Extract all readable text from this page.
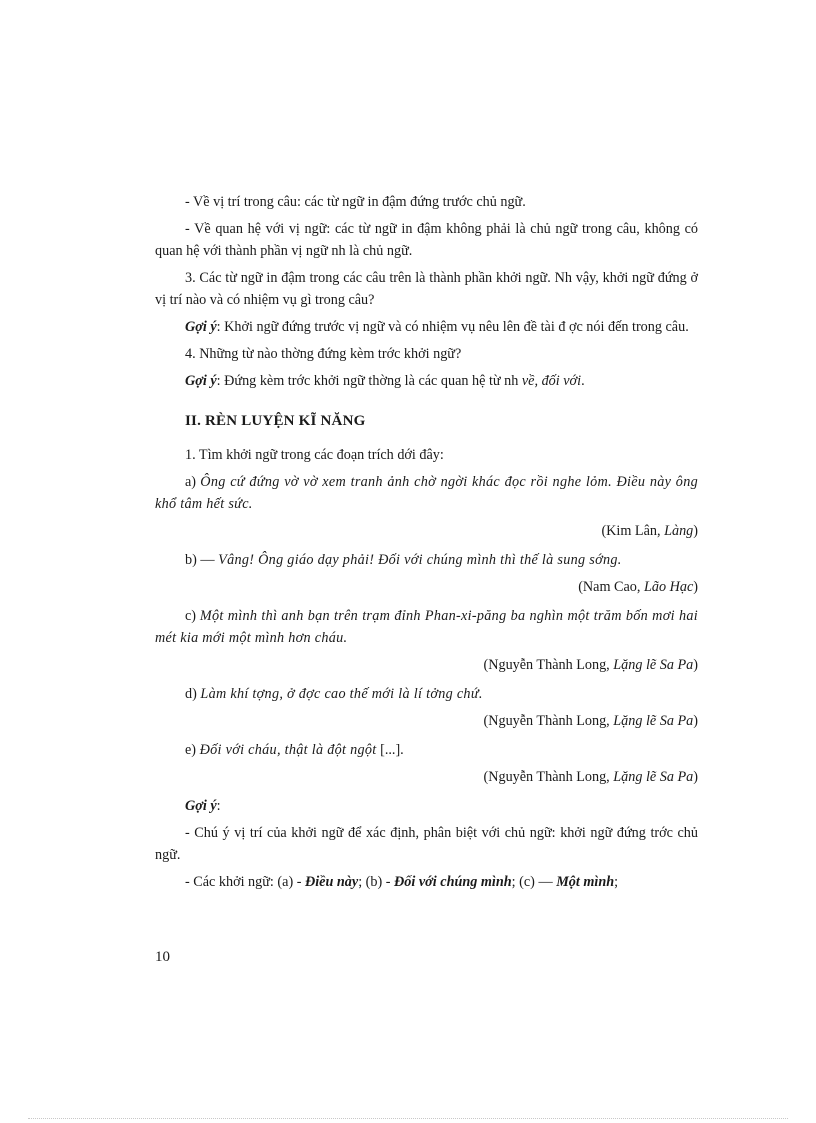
- Về vị trí trong câu: các từ ngữ in đậm đứng trước chủ ngữ.

- Về quan hệ với vị ngữ: các từ ngữ in đậm không phải là chủ ngữ trong câu, không có quan hệ với thành phần vị ngữ nh là chủ ngữ.

3. Các từ ngữ in đậm trong các câu trên là thành phần khởi ngữ. Nh vậy, khởi ngữ đứng ở vị trí nào và có nhiệm vụ gì trong câu?

Gợi ý: Khởi ngữ đứng trước vị ngữ và có nhiệm vụ nêu lên đề tài đ ợc nói đến trong câu.

4. Những từ nào thờng đứng kèm trớc khởi ngữ?

Gợi ý: Đứng kèm trớc khởi ngữ thờng là các quan hệ từ nh về, đối với.

II. RÈN LUYỆN KĨ NĂNG

1. Tìm khởi ngữ trong các đoạn trích dới đây:

a) Ông cứ đứng vờ vờ xem tranh ảnh chờ ngời khác đọc rồi nghe lỏm. Điều này ông khổ tâm hết sức.

(Kim Lân, Làng)

b) — Vâng! Ông giáo dạy phải! Đối với chúng mình thì thế là sung sớng.

(Nam Cao, Lão Hạc)

c) Một mình thì anh bạn trên trạm đỉnh Phan-xi-păng ba nghìn một trăm bốn mơi hai mét kia mới một mình hơn cháu.

(Nguyễn Thành Long, Lặng lẽ Sa Pa)

d) Làm khí tợng, ở đợc cao thế mới là lí tởng chứ.

(Nguyễn Thành Long, Lặng lẽ Sa Pa)

e) Đối với cháu, thật là đột ngột [...].

(Nguyễn Thành Long, Lặng lẽ Sa Pa)

Gợi ý:

- Chú ý vị trí của khởi ngữ để xác định, phân biệt với chủ ngữ: khởi ngữ đứng trớc chủ ngữ.

- Các khởi ngữ: (a) - Điều này; (b) - Đối với chúng mình; (c) — Một mình;

10
